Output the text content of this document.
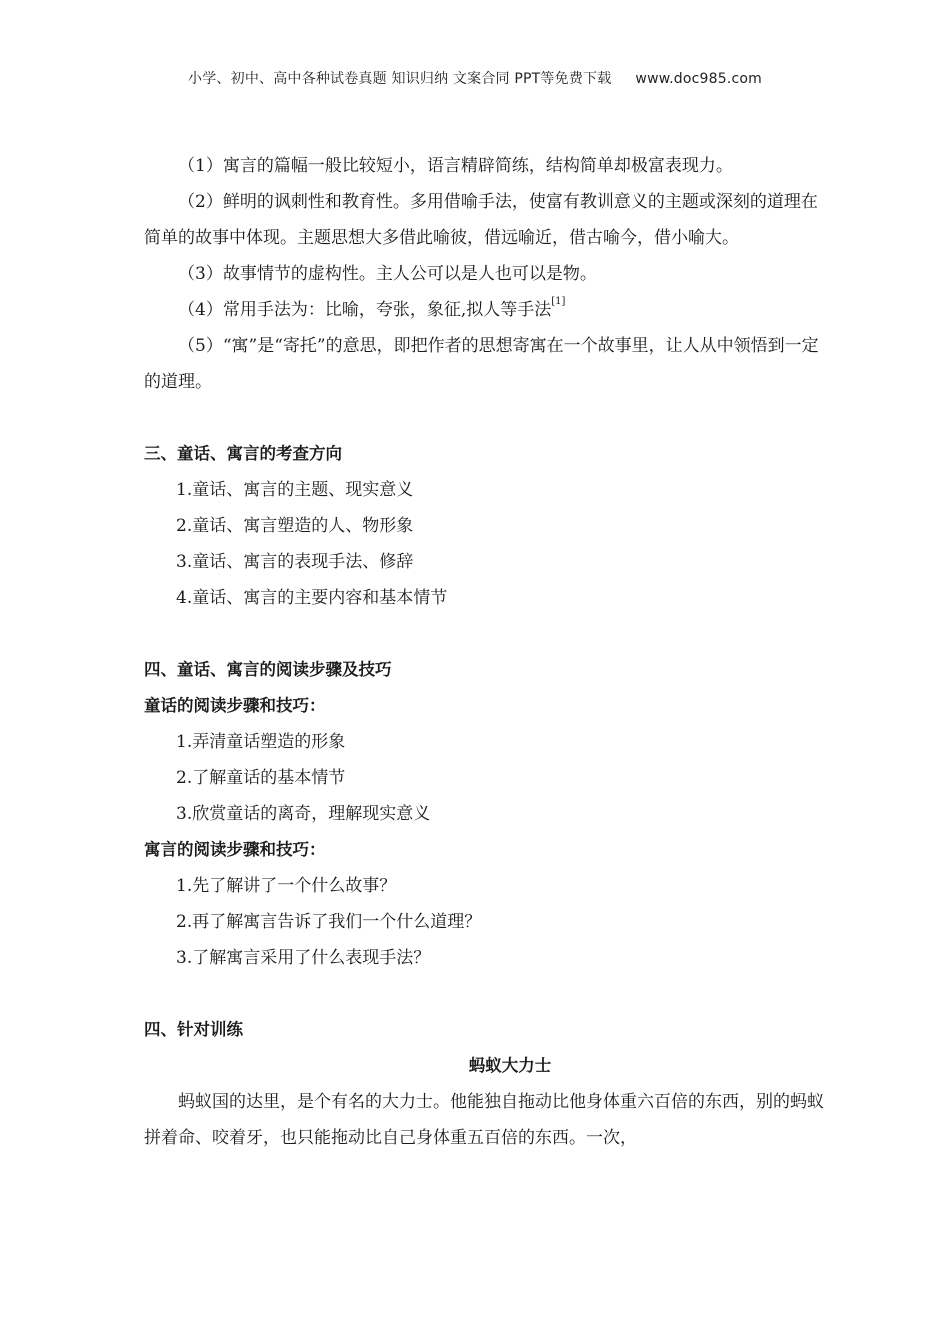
小学、初中、高中各种试卷真题 知识归纳 文案合同 PPT等免费下载 www.doc985.com

（1）寓言的篇幅一般比较短小，语言精辟简练，结构简单却极富表现力。

（2）鲜明的讽刺性和教育性。多用借喻手法，使富有教训意义的主题或深刻的道理在简单的故事中体现。主题思想大多借此喻彼，借远喻近，借古喻今，借小喻大。

（3）故事情节的虚构性。主人公可以是人也可以是物。

（4）常用手法为：比喻，夸张，象征,拟人等手法[1]

（5）“寓”是“寄托”的意思，即把作者的思想寄寓在一个故事里，让人从中领悟到一定的道理。

三、童话、寓言的考查方向

1.童话、寓言的主题、现实意义

2.童话、寓言塑造的人、物形象

3.童话、寓言的表现手法、修辞

4.童话、寓言的主要内容和基本情节

四、童话、寓言的阅读步骤及技巧

童话的阅读步骤和技巧：

1.弄清童话塑造的形象

2.了解童话的基本情节

3.欣赏童话的离奇，理解现实意义

寓言的阅读步骤和技巧：

1.先了解讲了一个什么故事？

2.再了解寓言告诉了我们一个什么道理？

3.了解寓言采用了什么表现手法？

四、针对训练

蚂蚁大力士

蚂蚁国的达里，是个有名的大力士。他能独自拖动比他身体重六百倍的东西，别的蚂蚁拼着命、咬着牙，也只能拖动比自己身体重五百倍的东西。一次，
